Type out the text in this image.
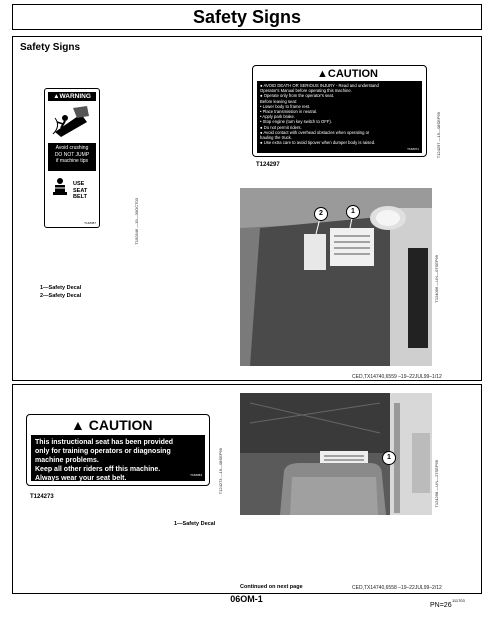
Safety Signs
Safety Signs
▲WARNING
Avoid crushing
DO NOT JUMP
if machine tips
USE
SEAT
BELT
T148387	T150346 —19—30OCT03
▲CAUTION
● AVOID DEATH OR SERIOUS INJURY - Read and understand
Operator's Manual before operating this machine.
● Operate only from the operator's seat.
Before leaving seat:
• Lower body to frame rest.
• Place transmission in neutral.
• Apply park brake.
• Stop engine (turn key switch to OFF).
● Do not permit riders.
● Avoid contact with overhead obstacles when operating or
hauling the truck.
● Use extra care to avoid tipover when dumper body is raised.
T168071
T124297
T124297 —19—08SEP99
2	1
T124096 —UN—07SEP99
1—Safety Decal
2—Safety Decal
CED,TX14740,6559 –19–22JUL99–1/12
▲ CAUTION
This instructional seat has been provided
only for training operators or diagnosing
machine problems.
Keep all other riders off this machine.
Always wear your seat belt.	T168084
T124273
T124273 —19—08SEP99	1
T124298 —UN—27SEP99
1—Safety Decal
Continued on next page	CED,TX14740,6558 –19–22JUL99–2/12
06OM-1	111703
PN=26
